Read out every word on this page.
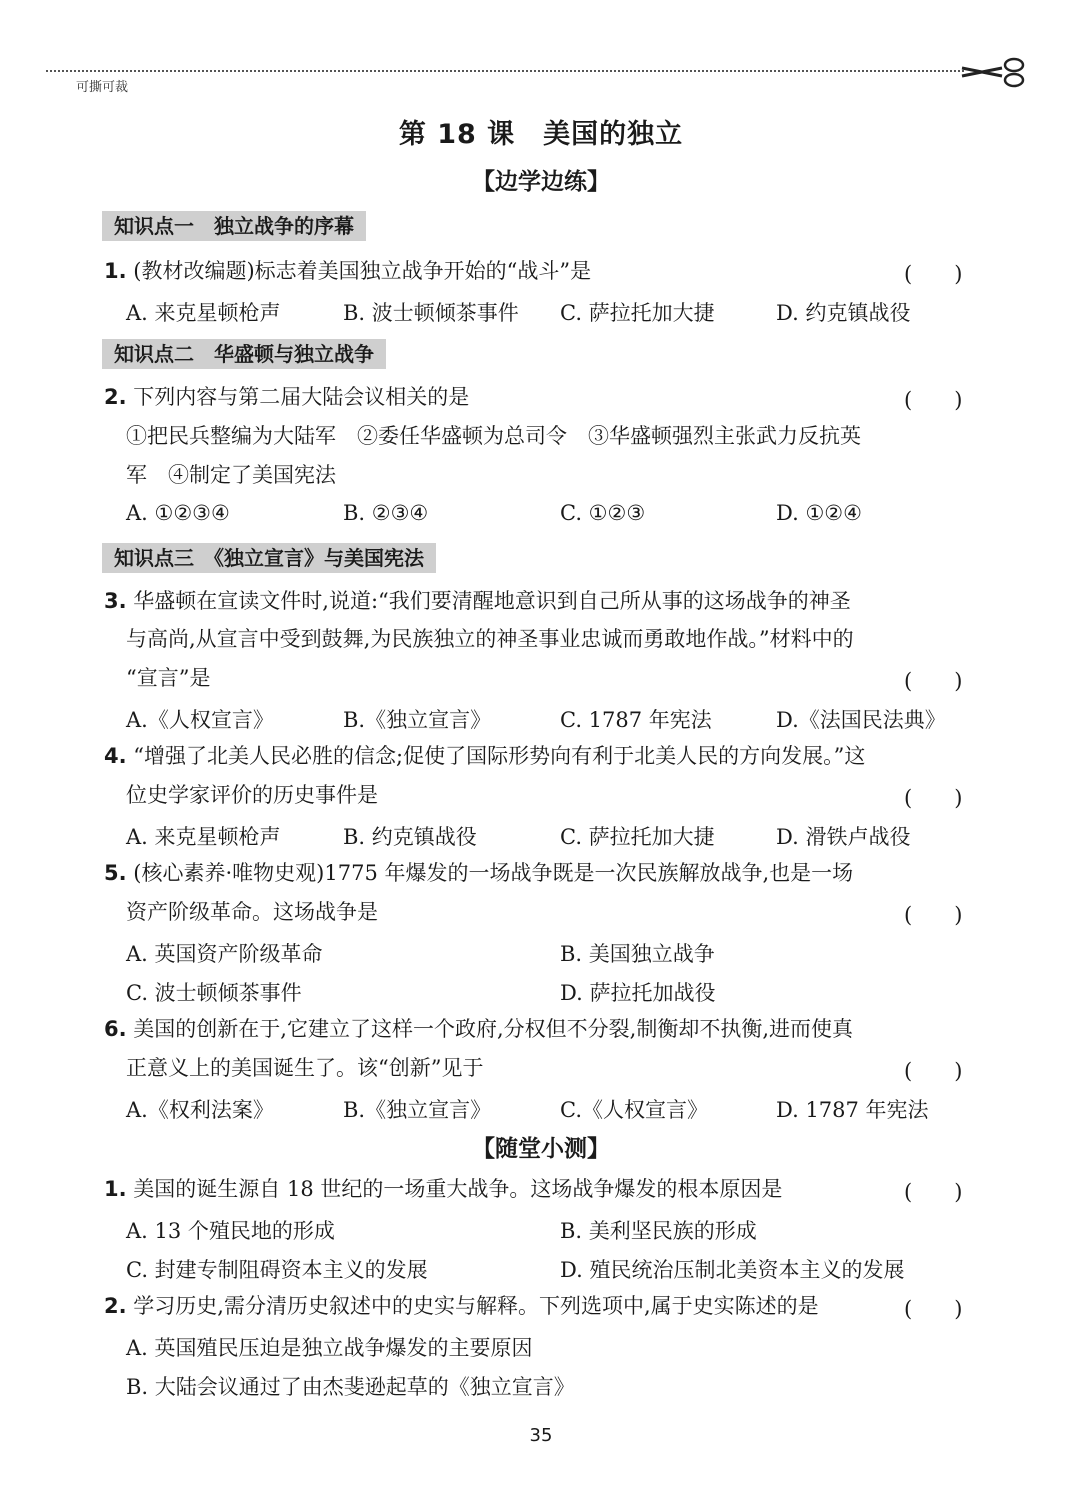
可撕可裁
第 18 课　美国的独立
【边学边练】
知识点一　独立战争的序幕
1. (教材改编题)标志着美国独立战争开始的“战斗”是	(　　)
A. 来克星顿枪声	B. 波士顿倾茶事件 C. 萨拉托加大捷	D. 约克镇战役
知识点二　华盛顿与独立战争
2. 下列内容与第二届大陆会议相关的是	(　　)
①把民兵整编为大陆军　②委任华盛顿为总司令　③华盛顿强烈主张武力反抗英
军　④制定了美国宪法
A. ①②③④	B. ②③④	C. ①②③	D. ①②④
知识点三　《独立宣言》与美国宪法
3. 华盛顿在宣读文件时,说道:“我们要清醒地意识到自己所从事的这场战争的神圣
与高尚,从宣言中受到鼓舞,为民族独立的神圣事业忠诚而勇敢地作战。”材料中的
“宣言”是	(　　)
A.《人权宣言》	B.《独立宣言》	C. 1787 年宪法	D.《法国民法典》
4. “增强了北美人民必胜的信念;促使了国际形势向有利于北美人民的方向发展。”这
位史学家评价的历史事件是	(　　)
A. 来克星顿枪声	B. 约克镇战役	C. 萨拉托加大捷	D. 滑铁卢战役
5. (核心素养·唯物史观)1775 年爆发的一场战争既是一次民族解放战争,也是一场
资产阶级革命。这场战争是	(　　)
A. 英国资产阶级革命	B. 美国独立战争
C. 波士顿倾茶事件	D. 萨拉托加战役
6. 美国的创新在于,它建立了这样一个政府,分权但不分裂,制衡却不执衡,进而使真
正意义上的美国诞生了。该“创新”见于	(　　)
A.《权利法案》	B.《独立宣言》	C.《人权宣言》	D. 1787 年宪法
【随堂小测】
1. 美国的诞生源自 18 世纪的一场重大战争。这场战争爆发的根本原因是	(　　)
A. 13 个殖民地的形成	B. 美利坚民族的形成
C. 封建专制阻碍资本主义的发展	D. 殖民统治压制北美资本主义的发展
2. 学习历史,需分清历史叙述中的史实与解释。下列选项中,属于史实陈述的是	(　　)
A. 英国殖民压迫是独立战争爆发的主要原因
B. 大陆会议通过了由杰斐逊起草的《独立宣言》
35
